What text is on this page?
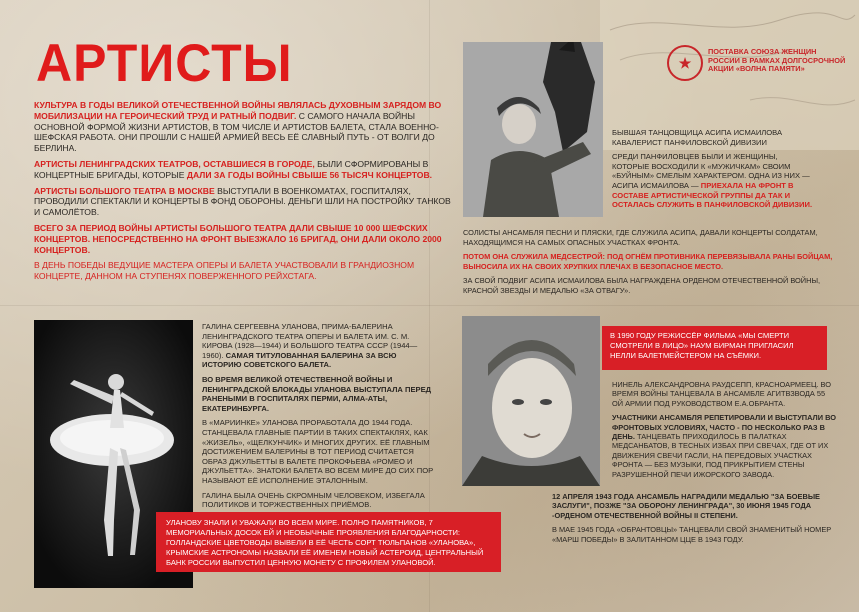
АРТИСТЫ	★
ПОСТАВКА СОЮЗА ЖЕНЩИН РОССИИ В РАМКАХ ДОЛГОСРОЧНОЙ АКЦИИ «ВОЛНА ПАМЯТИ»

КУЛЬТУРА В ГОДЫ ВЕЛИКОЙ ОТЕЧЕСТВЕННОЙ ВОЙНЫ ЯВЛЯЛАСЬ ДУХОВНЫМ ЗАРЯДОМ ВО МОБИЛИЗАЦИИ НА ГЕРОИЧЕСКИЙ ТРУД И РАТНЫЙ ПОДВИГ. С САМОГО НАЧАЛА ВОЙНЫ ОСНОВНОЙ ФОРМОЙ ЖИЗНИ АРТИСТОВ, В ТОМ ЧИСЛЕ И АРТИСТОВ БАЛЕТА, СТАЛА ВОЕННО-ШЕФСКАЯ РАБОТА. ОНИ ПРОШЛИ С НАШЕЙ АРМИЕЙ ВЕСЬ ЕЁ СЛАВНЫЙ ПУТЬ - ОТ ВОЛГИ ДО БЕРЛИНА.

АРТИСТЫ ЛЕНИНГРАДСКИХ ТЕАТРОВ, ОСТАВШИЕСЯ В ГОРОДЕ, БЫЛИ СФОРМИРОВАНЫ В КОНЦЕРТНЫЕ БРИГАДЫ, КОТОРЫЕ ДАЛИ ЗА ГОДЫ ВОЙНЫ СВЫШЕ 56 ТЫСЯЧ КОНЦЕРТОВ.

АРТИСТЫ БОЛЬШОГО ТЕАТРА В МОСКВЕ ВЫСТУПАЛИ В ВОЕНКОМАТАХ, ГОСПИТАЛЯХ, ПРОВОДИЛИ СПЕКТАКЛИ И КОНЦЕРТЫ В ФОНД ОБОРОНЫ. ДЕНЬГИ ШЛИ НА ПОСТРОЙКУ ТАНКОВ И САМОЛЁТОВ.

ВСЕГО ЗА ПЕРИОД ВОЙНЫ АРТИСТЫ БОЛЬШОГО ТЕАТРА ДАЛИ СВЫШЕ 10 000 ШЕФСКИХ КОНЦЕРТОВ. НЕПОСРЕДСТВЕННО НА ФРОНТ ВЫЕЗЖАЛО 16 БРИГАД, ОНИ ДАЛИ ОКОЛО 2000 КОНЦЕРТОВ.

В ДЕНЬ ПОБЕДЫ ВЕДУЩИЕ МАСТЕРА ОПЕРЫ И БАЛЕТА УЧАСТВОВАЛИ В ГРАНДИОЗНОМ КОНЦЕРТЕ, ДАННОМ НА СТУПЕНЯХ ПОВЕРЖЕННОГО РЕЙХСТАГА.

ГАЛИНА СЕРГЕЕВНА УЛАНОВА, ПРИМА-БАЛЕРИНА ЛЕНИНГРАДСКОГО ТЕАТРА ОПЕРЫ И БАЛЕТА ИМ. С. М. КИРОВА (1928—1944) И БОЛЬШОГО ТЕАТРА СССР (1944—1960). САМАЯ ТИТУЛОВАННАЯ БАЛЕРИНА ЗА ВСЮ ИСТОРИЮ СОВЕТСКОГО БАЛЕТА.

ВО ВРЕМЯ ВЕЛИКОЙ ОТЕЧЕСТВЕННОЙ ВОЙНЫ И ЛЕНИНГРАДСКОЙ БЛОКАДЫ УЛАНОВА ВЫСТУПАЛА ПЕРЕД РАНЕНЫМИ В ГОСПИТАЛЯХ ПЕРМИ, АЛМА-АТЫ, ЕКАТЕРИНБУРГА.

В «МАРИИНКЕ» УЛАНОВА ПРОРАБОТАЛА ДО 1944 ГОДА. СТАНЦЕВАЛА ГЛАВНЫЕ ПАРТИИ В ТАКИХ СПЕКТАКЛЯХ, КАК «ЖИЗЕЛЬ», «ЩЕЛКУНЧИК» И МНОГИХ ДРУГИХ. ЕЁ ГЛАВНЫМ ДОСТИЖЕНИЕМ БАЛЕРИНЫ В ТОТ ПЕРИОД СЧИТАЕТСЯ ОБРАЗ ДЖУЛЬЕТТЫ В БАЛЕТЕ ПРОКОФЬЕВА «РОМЕО И ДЖУЛЬЕТТА». ЗНАТОКИ БАЛЕТА ВО ВСЕМ МИРЕ ДО СИХ ПОР НАЗЫВАЮТ ЕЁ ИСПОЛНЕНИЕ ЭТАЛОННЫМ.

ГАЛИНА БЫЛА ОЧЕНЬ СКРОМНЫМ ЧЕЛОВЕКОМ, ИЗБЕГАЛА ПОЛИТИКОВ И ТОРЖЕСТВЕННЫХ ПРИЁМОВ.

УЛАНОВУ ЗНАЛИ И УВАЖАЛИ ВО ВСЕМ МИРЕ. ПОЛНО ПАМЯТНИКОВ, 7 МЕМОРИАЛЬНЫХ ДОСОК ЕЙ И НЕОБЫЧНЫЕ ПРОЯВЛЕНИЯ БЛАГОДАРНОСТИ: ГОЛЛАНДСКИЕ ЦВЕТОВОДЫ ВЫВЕЛИ В ЕЁ ЧЕСТЬ СОРТ ТЮЛЬПАНОВ «УЛАНОВА», КРЫМСКИЕ АСТРОНОМЫ НАЗВАЛИ ЕЁ ИМЕНЕМ НОВЫЙ АСТЕРОИД, ЦЕНТРАЛЬНЫЙ БАНК РОССИИ ВЫПУСТИЛ ЦЕННУЮ МОНЕТУ С ПРОФИЛЕМ УЛАНОВОЙ.

БЫВШАЯ ТАНЦОВЩИЦА АСИПА ИСМАИЛОВА КАВАЛЕРИСТ ПАНФИЛОВСКОЙ ДИВИЗИИ

СРЕДИ ПАНФИЛОВЦЕВ БЫЛИ И ЖЕНЩИНЫ, КОТОРЫЕ ВОСХОДИЛИ К «МУЖИЧКАМ» СВОИМ «БУЙНЫМ» СМЕЛЫМ ХАРАКТЕРОМ. ОДНА ИЗ НИХ — АСИПА ИСМАИЛОВА — ПРИЕХАЛА НА ФРОНТ В СОСТАВЕ АРТИСТИЧЕСКОЙ ГРУППЫ ДА ТАК И ОСТАЛАСЬ СЛУЖИТЬ В ПАНФИЛОВСКОЙ ДИВИЗИИ.

СОЛИСТЫ АНСАМБЛЯ ПЕСНИ И ПЛЯСКИ, ГДЕ СЛУЖИЛА АСИПА, ДАВАЛИ КОНЦЕРТЫ СОЛДАТАМ, НАХОДЯЩИМСЯ НА САМЫХ ОПАСНЫХ УЧАСТКАХ ФРОНТА.

ПОТОМ ОНА СЛУЖИЛА МЕДСЕСТРОЙ: ПОД ОГНЁМ ПРОТИВНИКА ПЕРЕВЯЗЫВАЛА РАНЫ БОЙЦАМ, ВЫНОСИЛА ИХ НА СВОИХ ХРУПКИХ ПЛЕЧАХ В БЕЗОПАСНОЕ МЕСТО.

ЗА СВОЙ ПОДВИГ АСИПА ИСМАИЛОВА БЫЛА НАГРАЖДЕНА ОРДЕНОМ ОТЕЧЕСТВЕННОЙ ВОЙНЫ, КРАСНОЙ ЗВЕЗДЫ И МЕДАЛЬЮ «ЗА ОТВАГУ».

В 1990 ГОДУ РЕЖИССЁР ФИЛЬМА «МЫ СМЕРТИ СМОТРЕЛИ В ЛИЦО» НАУМ БИРМАН ПРИГЛАСИЛ НЕЛЛИ БАЛЕТМЕЙСТЕРОМ НА СЪЁМКИ.

НИНЕЛЬ АЛЕКСАНДРОВНА РАУДСЕПП, КРАСНОАРМЕЕЦ. ВО ВРЕМЯ ВОЙНЫ ТАНЦЕВАЛА В АНСАМБЛЕ АГИТВЗВОДА 55 ОЙ АРМИИ ПОД РУКОВОДСТВОМ Е.А.ОБРАНТА.

УЧАСТНИКИ АНСАМБЛЯ РЕПЕТИРОВАЛИ И ВЫСТУПАЛИ ВО ФРОНТОВЫХ УСЛОВИЯХ, ЧАСТО - ПО НЕСКОЛЬКО РАЗ В ДЕНЬ. ТАНЦЕВАТЬ ПРИХОДИЛОСЬ В ПАЛАТКАХ МЕДСАНБАТОВ, В ТЕСНЫХ ИЗБАХ ПРИ СВЕЧАХ, ГДЕ ОТ ИХ ДВИЖЕНИЯ СВЕЧИ ГАСЛИ, НА ПЕРЕДОВЫХ УЧАСТКАХ ФРОНТА — БЕЗ МУЗЫКИ, ПОД ПРИКРЫТИЕМ СТЕНЫ РАЗРУШЕННОЙ ПЕЧИ ИЖОРСКОГО ЗАВОДА.

12 АПРЕЛЯ 1943 ГОДА АНСАМБЛЬ НАГРАДИЛИ МЕДАЛЬЮ "ЗА БОЕВЫЕ ЗАСЛУГИ", ПОЗЖЕ "ЗА ОБОРОНУ ЛЕНИНГРАДА", 30 ИЮНЯ 1945 ГОДА -ОРДЕНОМ ОТЕЧЕСТВЕННОЙ ВОЙНЫ II СТЕПЕНИ.

В МАЕ 1945 ГОДА «ОБРАНТОВЦЫ» ТАНЦЕВАЛИ СВОЙ ЗНАМЕНИТЫЙ НОМЕР «МАРШ ПОБЕДЫ» В ЗАЛИТАННОМ ЦЦЕ В 1943 ГОДУ.
